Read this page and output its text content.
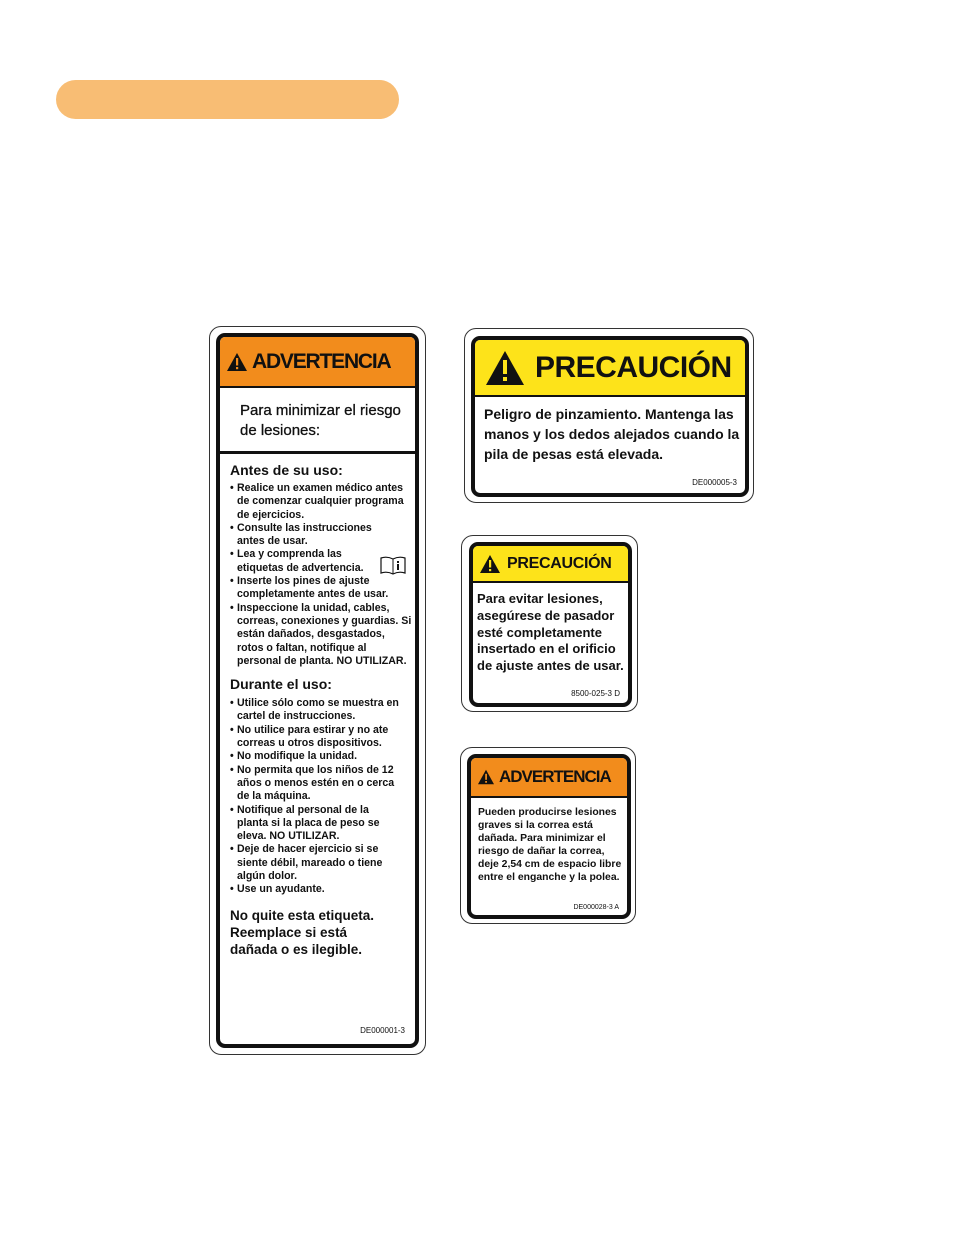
ADVERTENCIA
Para minimizar el riesgo de lesiones:

Antes de su uso:

• Realice un examen médico antes de comenzar cualquier programa de ejercicios.
• Consulte las instrucciones antes de usar.
• Lea y comprenda las etiquetas de advertencia.
• Inserte los pines de ajuste completamente antes de usar.
• Inspeccione la unidad, cables, correas, conexiones y guardias. Si están dañados, desgastados, rotos o faltan, notifique al personal de planta. NO UTILIZAR.

Durante el uso:

• Utilice sólo como se muestra en cartel de instrucciones.
• No utilice para estirar y no ate correas u otros dispositivos.
• No modifique la unidad.
• No permita que los niños de 12 años o menos estén en o cerca de la máquina.
• Notifique al personal de la planta si la placa de peso se eleva. NO UTILIZAR.
• Deje de hacer ejercicio si se siente débil, mareado o tiene algún dolor.
• Use un ayudante.

No quite esta etiqueta. Reemplace si está dañada o es ilegible.

DE000001-3
PRECAUCIÓN
Peligro de pinzamiento. Mantenga las manos y los dedos alejados cuando la pila de pesas está elevada.
DE000005-3
PRECAUCIÓN
Para evitar lesiones, asegúrese de pasador esté completamente insertado en el orificio de ajuste antes de usar.
8500-025-3 D
ADVERTENCIA
Pueden producirse lesiones graves si la correa está dañada. Para minimizar el riesgo de dañar la correa, deje 2,54 cm de espacio libre entre el enganche y la polea.
DE000028-3 A
